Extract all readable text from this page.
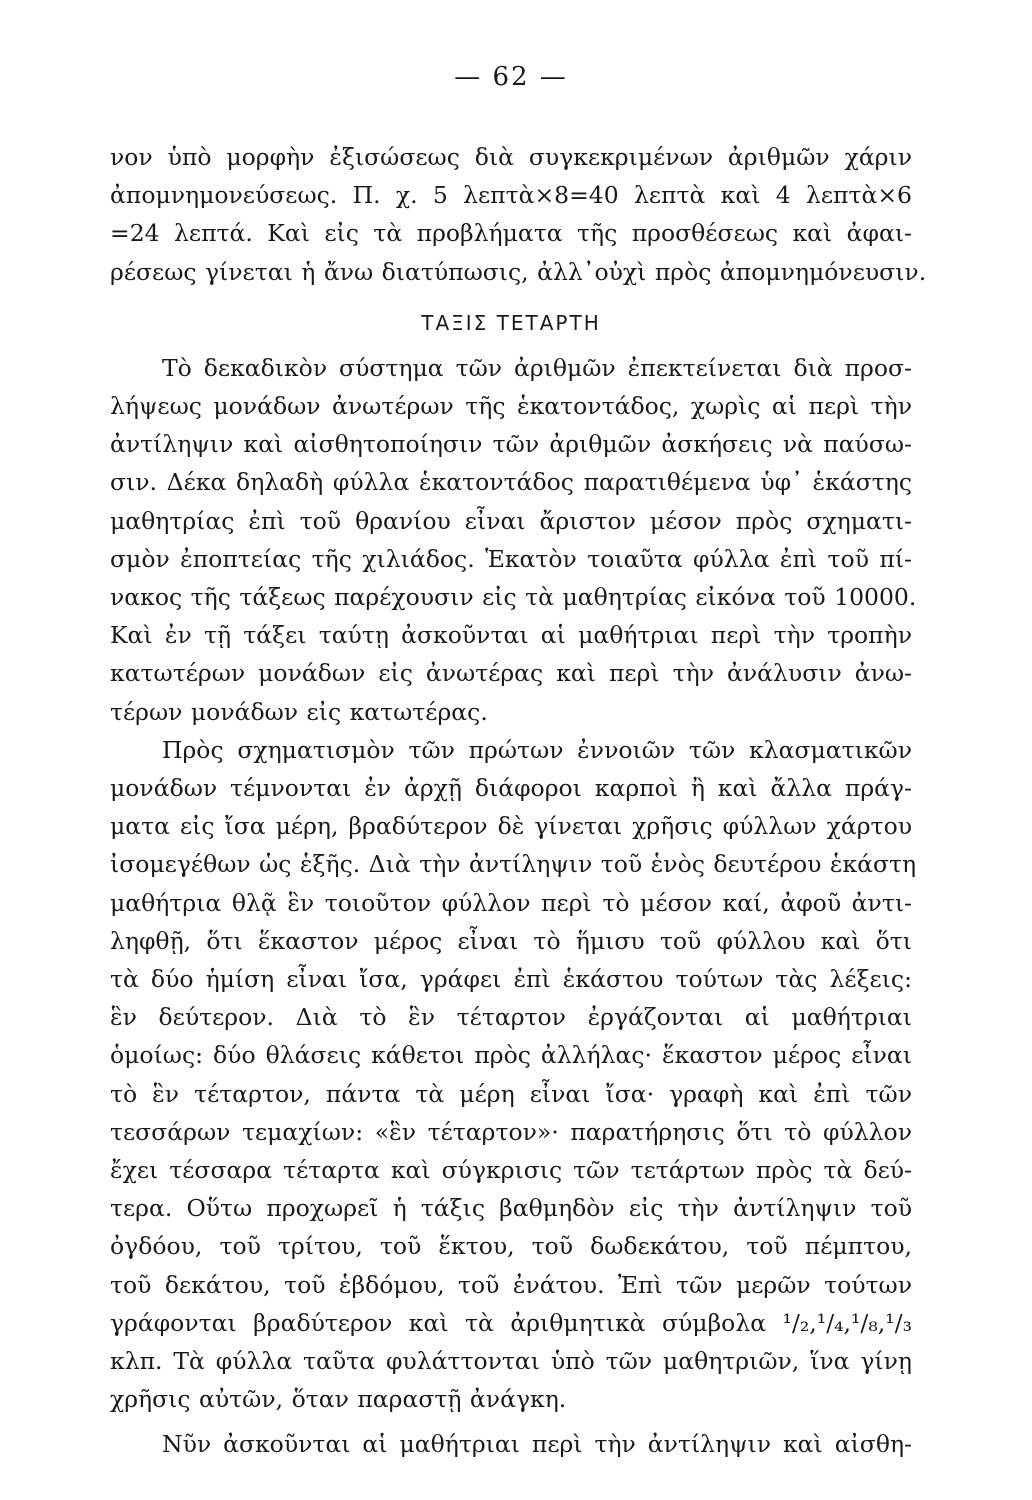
— 62 —

νον ὑπὸ μορφὴν ἐξισώσεως διὰ συγκεκριμένων ἀριθμῶν χάριν
ἀπομνημονεύσεως. Π. χ. 5 λεπτὰ×8=40 λεπτὰ καὶ 4 λεπτὰ×6
=24 λεπτά. Καὶ εἰς τὰ προβλήματα τῆς προσθέσεως καὶ ἀφαι-
ρέσεως γίνεται ἡ ἄνω διατύπωσις, ἀλλ᾽οὐχὶ πρὸς ἀπομνημόνευσιν.

ΤΑΞΙΣ ΤΕΤΑΡΤΗ

Τὸ δεκαδικὸν σύστημα τῶν ἀριθμῶν ἐπεκτείνεται διὰ προσ-
λήψεως μονάδων ἀνωτέρων τῆς ἑκατοντάδος, χωρὶς αἱ περὶ τὴν
ἀντίληψιν καὶ αἰσθητοποίησιν τῶν ἀριθμῶν ἀσκήσεις νὰ παύσω-
σιν. Δέκα δηλαδὴ φύλλα ἑκατοντάδος παρατιθέμενα ὑφ᾽ ἑκάστης
μαθητρίας ἐπὶ τοῦ θρανίου εἶναι ἄριστον μέσον πρὸς σχηματι-
σμὸν ἐποπτείας τῆς χιλιάδος. Ἑκατὸν τοιαῦτα φύλλα ἐπὶ τοῦ πί-
νακος τῆς τάξεως παρέχουσιν εἰς τὰ μαθητρίας εἰκόνα τοῦ 10000.
Καὶ ἐν τῇ τάξει ταύτῃ ἀσκοῦνται αἱ μαθήτριαι περὶ τὴν τροπὴν
κατωτέρων μονάδων εἰς ἀνωτέρας καὶ περὶ τὴν ἀνάλυσιν ἀνω-
τέρων μονάδων εἰς κατωτέρας.

Πρὸς σχηματισμὸν τῶν πρώτων ἐννοιῶν τῶν κλασματικῶν
μονάδων τέμνονται ἐν ἀρχῇ διάφοροι καρποὶ ἢ καὶ ἄλλα πράγ-
ματα εἰς ἴσα μέρη, βραδύτερον δὲ γίνεται χρῆσις φύλλων χάρτου
ἰσομεγέθων ὡς ἑξῆς. Διὰ τὴν ἀντίληψιν τοῦ ἑνὸς δευτέρου ἑκάστη
μαθήτρια θλᾷ ἓν τοιοῦτον φύλλον περὶ τὸ μέσον καί, ἀφοῦ ἀντι-
ληφθῇ, ὅτι ἕκαστον μέρος εἶναι τὸ ἥμισυ τοῦ φύλλου καὶ ὅτι
τὰ δύο ἡμίση εἶναι ἴσα, γράφει ἐπὶ ἑκάστου τούτων τὰς λέξεις:
ἓν δεύτερον. Διὰ τὸ ἓν τέταρτον ἐργάζονται αἱ μαθήτριαι
ὁμοίως: δύο θλάσεις κάθετοι πρὸς ἀλλήλας· ἕκαστον μέρος εἶναι
τὸ ἓν τέταρτον, πάντα τὰ μέρη εἶναι ἴσα· γραφὴ καὶ ἐπὶ τῶν
τεσσάρων τεμαχίων: «ἓν τέταρτον»· παρατήρησις ὅτι τὸ φύλλον
ἔχει τέσσαρα τέταρτα καὶ σύγκρισις τῶν τετάρτων πρὸς τὰ δεύ-
τερα. Οὕτω προχωρεῖ ἡ τάξις βαθμηδὸν εἰς τὴν ἀντίληψιν τοῦ
ὀγδόου, τοῦ τρίτου, τοῦ ἕκτου, τοῦ δωδεκάτου, τοῦ πέμπτου,
τοῦ δεκάτου, τοῦ ἑβδόμου, τοῦ ἐνάτου. Ἐπὶ τῶν μερῶν τούτων
γράφονται βραδύτερον καὶ τὰ ἀριθμητικὰ σύμβολα ¹/₂,¹/₄,¹/₈,¹/₃
κλπ. Τὰ φύλλα ταῦτα φυλάττονται ὑπὸ τῶν μαθητριῶν, ἵνα γίνῃ
χρῆσις αὐτῶν, ὅταν παραστῇ ἀνάγκη.

Νῦν ἀσκοῦνται αἱ μαθήτριαι περὶ τὴν ἀντίληψιν καὶ αἰσθη-
